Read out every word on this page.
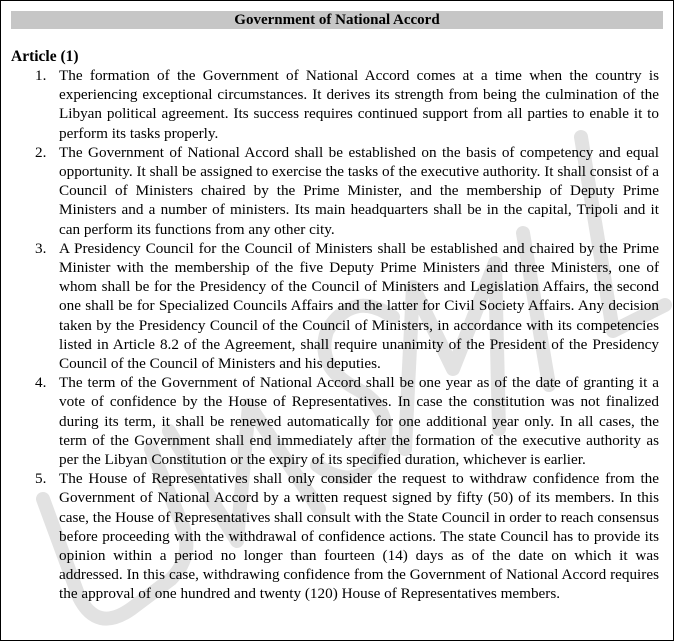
Government of National Accord
Article (1)
1. The formation of the Government of National Accord comes at a time when the country is experiencing exceptional circumstances. It derives its strength from being the culmination of the Libyan political agreement. Its success requires continued support from all parties to enable it to perform its tasks properly.
2. The Government of National Accord shall be established on the basis of competency and equal opportunity. It shall be assigned to exercise the tasks of the executive authority. It shall consist of a Council of Ministers chaired by the Prime Minister, and the membership of Deputy Prime Ministers and a number of ministers. Its main headquarters shall be in the capital, Tripoli and it can perform its functions from any other city.
3. A Presidency Council for the Council of Ministers shall be established and chaired by the Prime Minister with the membership of the five Deputy Prime Ministers and three Ministers, one of whom shall be for the Presidency of the Council of Ministers and Legislation Affairs, the second one shall be for Specialized Councils Affairs and the latter for Civil Society Affairs. Any decision taken by the Presidency Council of the Council of Ministers, in accordance with its competencies listed in Article 8.2 of the Agreement, shall require unanimity of the President of the Presidency Council of the Council of Ministers and his deputies.
4. The term of the Government of National Accord shall be one year as of the date of granting it a vote of confidence by the House of Representatives. In case the constitution was not finalized during its term, it shall be renewed automatically for one additional year only. In all cases, the term of the Government shall end immediately after the formation of the executive authority as per the Libyan Constitution or the expiry of its specified duration, whichever is earlier.
5. The House of Representatives shall only consider the request to withdraw confidence from the Government of National Accord by a written request signed by fifty (50) of its members. In this case, the House of Representatives shall consult with the State Council in order to reach consensus before proceeding with the withdrawal of confidence actions. The state Council has to provide its opinion within a period no longer than fourteen (14) days as of the date on which it was addressed. In this case, withdrawing confidence from the Government of National Accord requires the approval of one hundred and twenty (120) House of Representatives members.
